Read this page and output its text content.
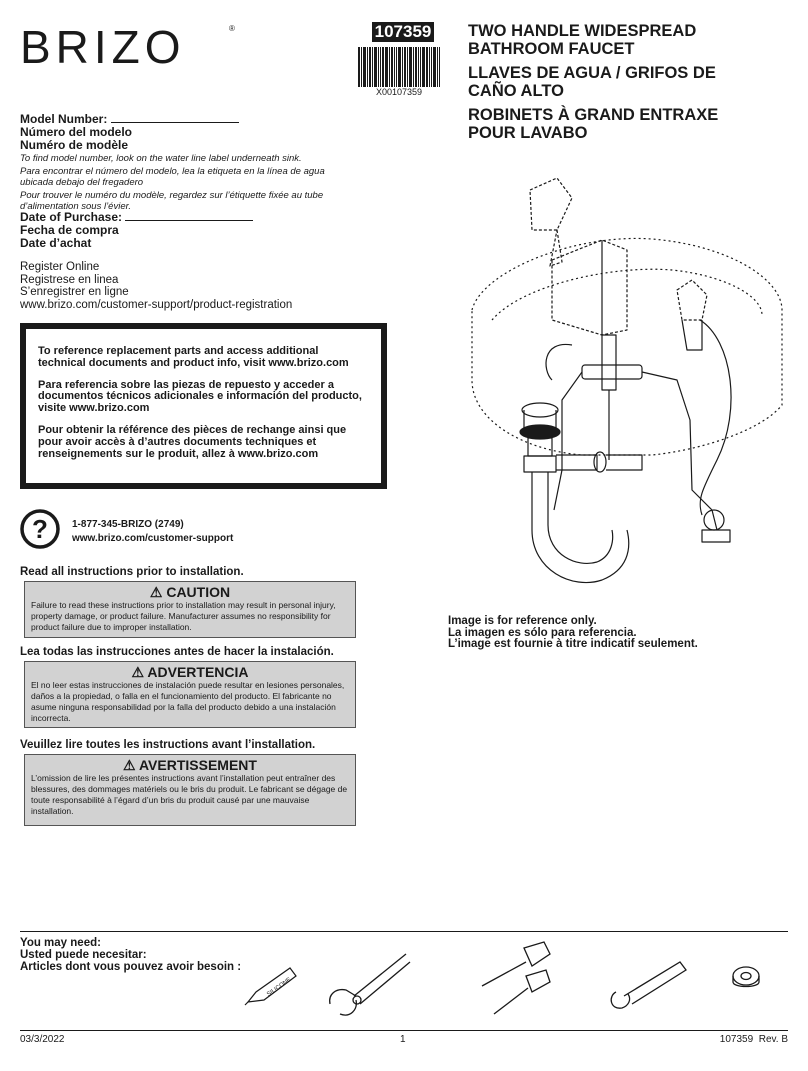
BRIZO	®	107359
X00107359
TWO HANDLE WIDESPREAD
BATHROOM FAUCET
LLAVES DE AGUA / GRIFOS DE
CAÑO ALTO
ROBINETS À GRAND ENTRAXE
POUR LAVABO
Model Number:
Número del modelo
Numéro de modèle
To find model number, look on the water line label underneath sink.
Para encontrar el número del modelo, lea la etiqueta en la línea de agua ubicada debajo del fregadero
Pour trouver le numéro du modèle, regardez sur l’étiquette fixée au tube d’alimentation sous l’évier.
Date of Purchase:
Fecha de compra
Date d’achat
Register Online
Registrese en linea
S’enregistrer en ligne
www.brizo.com/customer-support/product-registration

To reference replacement parts and access additional technical documents and product info, visit www.brizo.com

Para referencia sobre las piezas de repuesto y acceder a documentos técnicos adicionales e información del producto, visite www.brizo.com

Pour obtenir la référence des pièces de rechange ainsi que pour avoir accès à d’autres documents techniques et renseignements sur le produit, allez à www.brizo.com

? 1-877-345-BRIZO (2749)
www.brizo.com/customer-support
Read all instructions prior to installation.
⚠ CAUTION
Failure to read these instructions prior to installation may result in personal injury, property damage, or product failure. Manufacturer assumes no responsibility for product failure due to improper installation.
Lea todas las instrucciones antes de hacer la instalación.
⚠ ADVERTENCIA
El no leer estas instrucciones de instalación puede resultar en lesiones personales, daños a la propiedad, o falla en el funcionamiento del producto. El fabricante no asume ninguna responsabilidad por la falla del producto debido a una instalación incorrecta.
Veuillez lire toutes les instructions avant l’installation.
⚠ AVERTISSEMENT
L’omission de lire les présentes instructions avant l’installation peut entraîner des blessures, des dommages matériels ou le bris du produit. Le fabricant se dégage de toute responsabilité à l’égard d’un bris du produit causé par une mauvaise installation.
Image is for reference only.
La imagen es sólo para referencia.
L’image est fournie à titre indicatif seulement.
You may need:
Usted puede necesitar:
Articles dont vous pouvez avoir besoin :
SILICONE
03/3/2022	1	107359  Rev. B
